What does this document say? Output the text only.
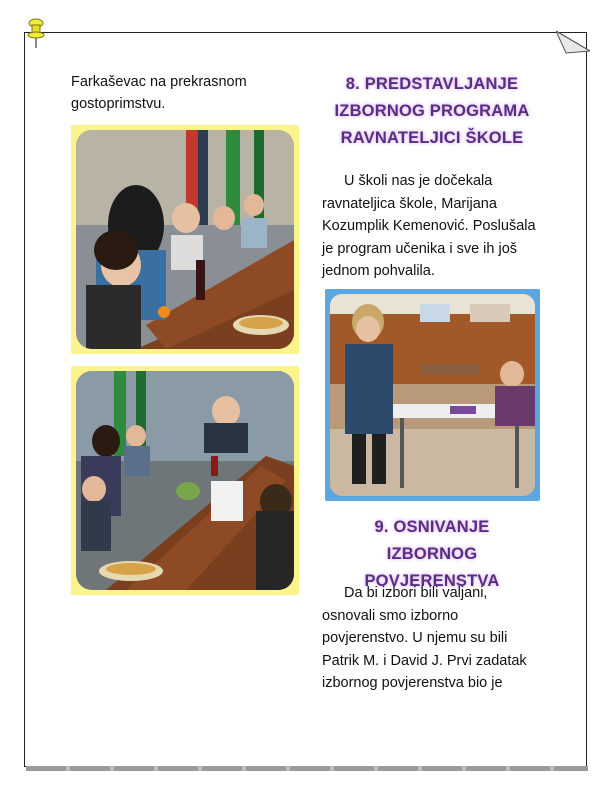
Farkaševac na prekrasnom gostoprimstvu.
8. PREDSTAVLJANJE IZBORNOG PROGRAMA RAVNATELJICI ŠKOLE
U školi nas je dočekala ravnateljica škole, Marijana Kozumplik Kemenović. Poslušala je program učenika i sve ih još jednom pohvalila.
9. OSNIVANJE IZBORNOG POVJERENSTVA
Da bi izbori bili valjani, osnovali smo izborno povjerenstvo. U njemu su bili Patrik M. i David J. Prvi zadatak izbornog povjerenstva bio je
